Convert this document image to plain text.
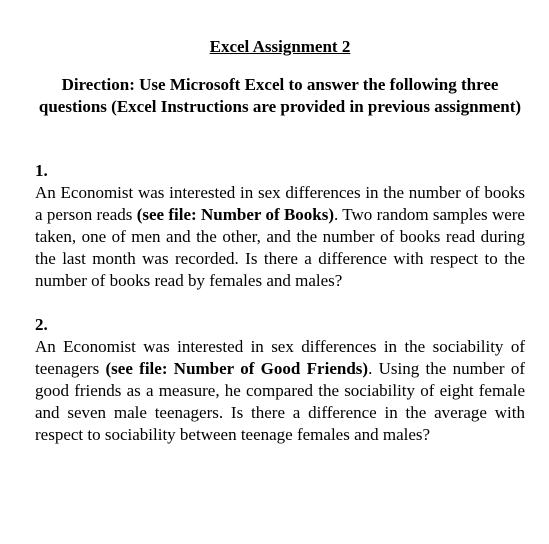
Excel Assignment 2

Direction: Use Microsoft Excel to answer the following three questions (Excel Instructions are provided in previous assignment)

1.

An Economist was interested in sex differences in the number of books a person reads (see file: Number of Books). Two random samples were taken, one of men and the other, and the number of books read during the last month was recorded. Is there a difference with respect to the number of books read by females and males?

2.

An Economist was interested in sex differences in the sociability of teenagers (see file: Number of Good Friends). Using the number of good friends as a measure, he compared the sociability of eight female and seven male teenagers. Is there a difference in the average with respect to sociability between teenage females and males?
